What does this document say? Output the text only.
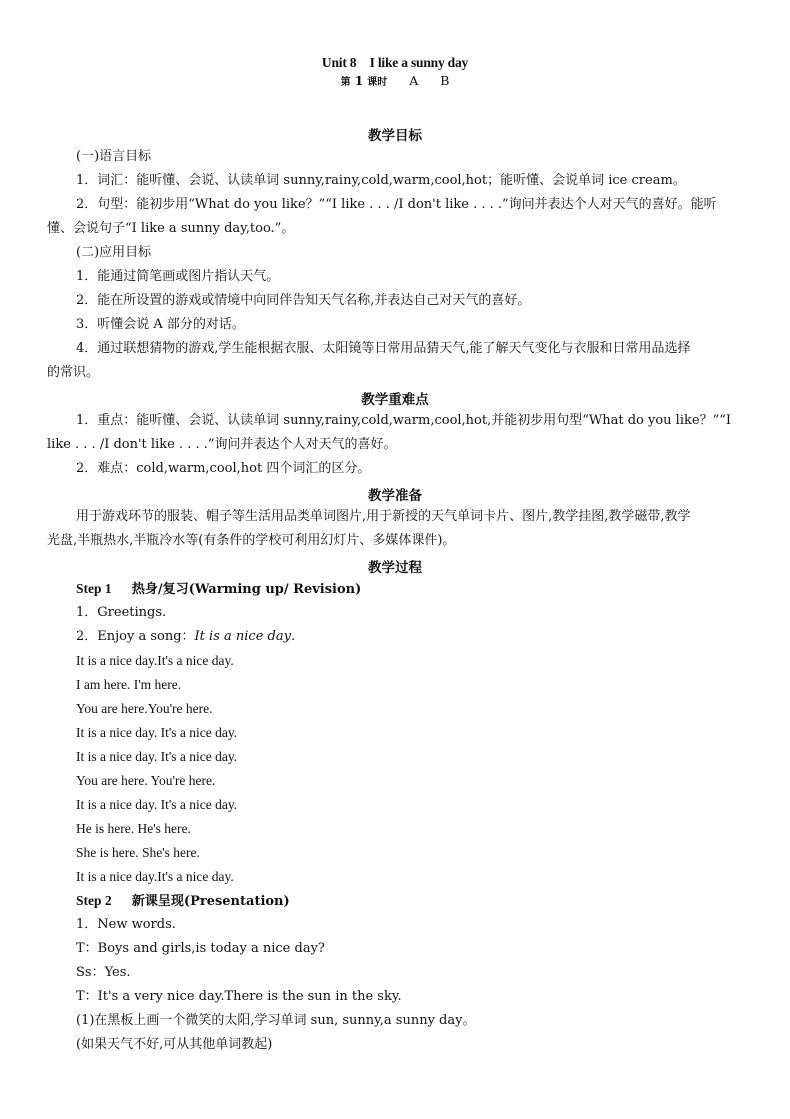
Unit 8　I like a sunny day
第 1 课时 A B
教学目标
(一)语言目标
1．词汇：能听懂、会说、认读单词 sunny,rainy,cold,warm,cool,hot；能听懂、会说单词 ice cream。
2．句型：能初步用“What do you like？”“I like . . . /I don't like . . . .”询问并表达个人对天气的喜好。能听
懂、会说句子“I like a sunny day,too.”。
(二)应用目标
1．能通过简笔画或图片指认天气。
2．能在所设置的游戏或情境中向同伴告知天气名称,并表达自己对天气的喜好。
3．听懂会说 A 部分的对话。
4．通过联想猜物的游戏,学生能根据衣服、太阳镜等日常用品猜天气,能了解天气变化与衣服和日常用品选择
的常识。
教学重难点
1．重点：能听懂、会说、认读单词 sunny,rainy,cold,warm,cool,hot,并能初步用句型“What do you like？”“I
like . . . /I don't like . . . .”询问并表达个人对天气的喜好。
2．难点：cold,warm,cool,hot 四个词汇的区分。
教学准备
用于游戏环节的服装、帽子等生活用品类单词图片,用于新授的天气单词卡片、图片,教学挂图,教学磁带,教学
光盘,半瓶热水,半瓶冷水等(有条件的学校可利用幻灯片、多媒体课件)。
教学过程
Step 1 热身/复习(Warming up/ Revision)
1．Greetings.
2．Enjoy a song：It is a nice day.
It is a nice day.It's a nice day.
I am here. I'm here.
You are here.You're here.
It is a nice day. It's a nice day.
It is a nice day. It's a nice day.
You are here. You're here.
It is a nice day. It's a nice day.
He is here. He's here.
She is here. She's here.
It is a nice day.It's a nice day.
Step 2 新课呈现(Presentation)
1．New words.
T：Boys and girls,is today a nice day?
Ss：Yes.
T：It's a very nice day.There is the sun in the sky.
(1)在黑板上画一个微笑的太阳,学习单词 sun, sunny,a sunny day。
(如果天气不好,可从其他单词教起)
